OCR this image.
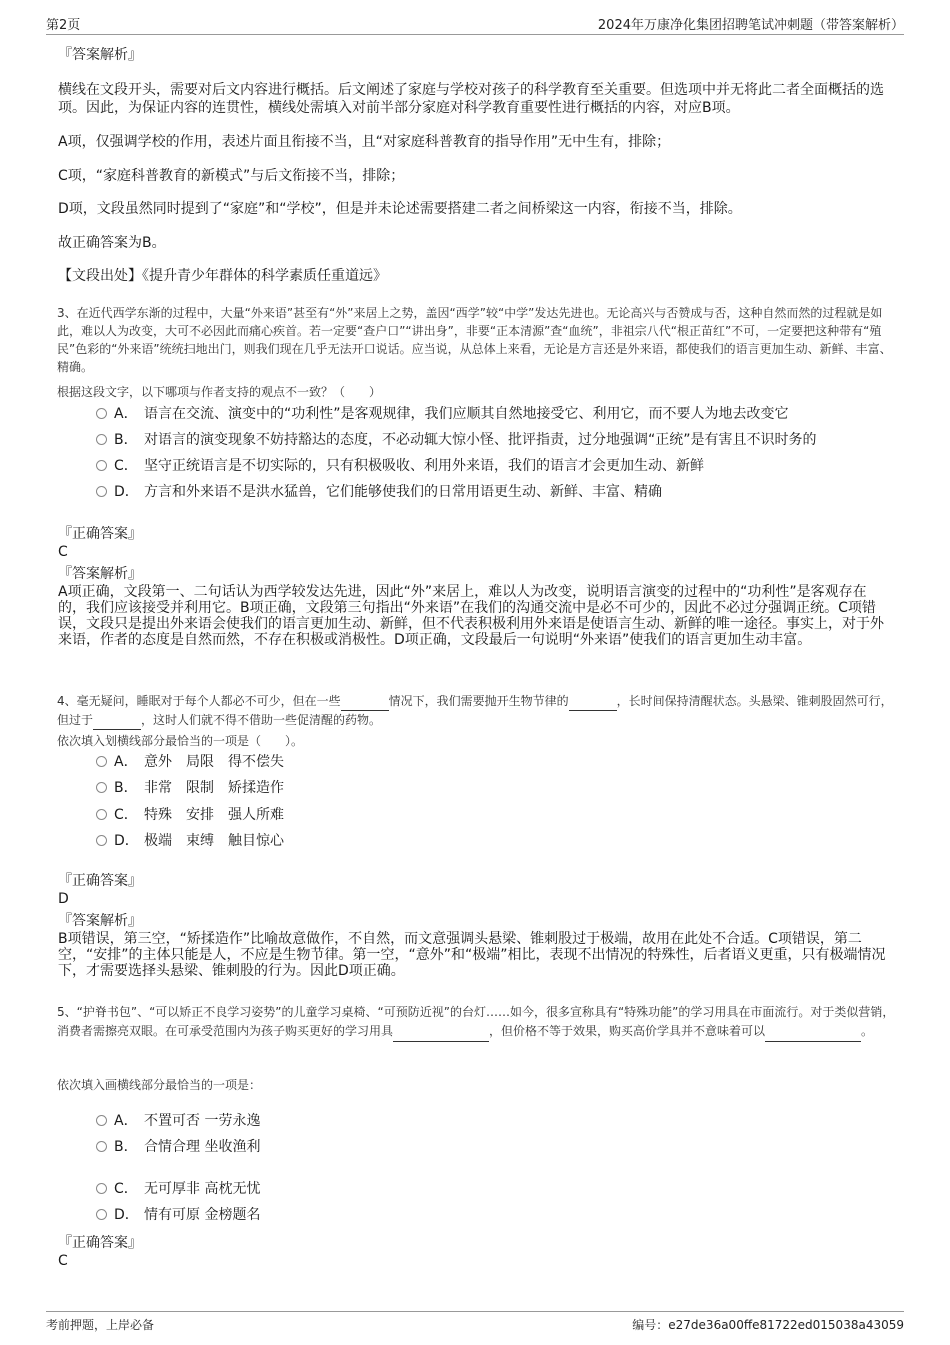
第2页	2024年万康净化集团招聘笔试冲刺题（带答案解析）
『答案解析』
横线在文段开头，需要对后文内容进行概括。后文阐述了家庭与学校对孩子的科学教育至关重要。但选项中并无将此二者全面概括的选项。因此，为保证内容的连贯性，横线处需填入对前半部分家庭对科学教育重要性进行概括的内容，对应B项。
A项，仅强调学校的作用，表述片面且衔接不当，且“对家庭科普教育的指导作用”无中生有，排除；
C项，“家庭科普教育的新模式”与后文衔接不当，排除；
D项，文段虽然同时提到了“家庭”和“学校”，但是并未论述需要搭建二者之间桥梁这一内容，衔接不当，排除。
故正确答案为B。
【文段出处】《提升青少年群体的科学素质任重道远》
3、在近代西学东渐的过程中，大量“外来语”甚至有“外”来居上之势，盖因“西学”较“中学”发达先进也。无论高兴与否赞成与否，这种自然而然的过程就是如此，难以人为改变，大可不必因此而痛心疾首。若一定要“查户口”“讲出身”，非要“正本清源”查“血统”，非祖宗八代“根正苗红”不可，一定要把这种带有“殖民”色彩的“外来语”统统扫地出门，则我们现在几乎无法开口说话。应当说，从总体上来看，无论是方言还是外来语，都使我们的语言更加生动、新鲜、丰富、精确。
根据这段文字，以下哪项与作者支持的观点不一致？（　　）
A． 语言在交流、演变中的“功利性”是客观规律，我们应顺其自然地接受它、利用它，而不要人为地去改变它
B． 对语言的演变现象不妨持豁达的态度，不必动辄大惊小怪、批评指责，过分地强调“正统”是有害且不识时务的
C． 坚守正统语言是不切实际的，只有积极吸收、利用外来语，我们的语言才会更加生动、新鲜
D． 方言和外来语不是洪水猛兽，它们能够使我们的日常用语更生动、新鲜、丰富、精确
『正确答案』
C
『答案解析』
A项正确，文段第一、二句话认为西学较发达先进，因此“外”来居上，难以人为改变，说明语言演变的过程中的“功利性”是客观存在的，我们应该接受并利用它。B项正确，文段第三句指出“外来语”在我们的沟通交流中是必不可少的，因此不必过分强调正统。C项错误，文段只是提出外来语会使我们的语言更加生动、新鲜，但不代表积极利用外来语是使语言生动、新鲜的唯一途径。事实上，对于外来语，作者的态度是自然而然，不存在积极或消极性。D项正确，文段最后一句说明“外来语”使我们的语言更加生动丰富。
4、毫无疑问，睡眠对于每个人都必不可少，但在一些	情况下，我们需要抛开生物节律的	，长时间保持清醒状态。头悬梁、锥刺股固然可行，但过于	，这时人们就不得不借助一些促清醒的药物。
依次填入划横线部分最恰当的一项是（　　）。
A． 意外 局限 得不偿失
B． 非常 限制 矫揉造作
C． 特殊 安排 强人所难
D． 极端 束缚 触目惊心
『正确答案』
D
『答案解析』
B项错误，第三空，“矫揉造作”比喻故意做作，不自然，而文意强调头悬梁、锥刺股过于极端，故用在此处不合适。C项错误，第二空，“安排”的主体只能是人，不应是生物节律。第一空，“意外”和“极端”相比，表现不出情况的特殊性，后者语义更重，只有极端情况下，才需要选择头悬梁、锥刺股的行为。因此D项正确。
5、“护脊书包”、“可以矫正不良学习姿势”的儿童学习桌椅、“可预防近视”的台灯……如今，很多宣称具有“特殊功能”的学习用具在市面流行。对于类似营销，消费者需擦亮双眼。在可承受范围内为孩子购买更好的学习用具	，但价格不等于效果，购买高价学具并不意味着可以	。
依次填入画横线部分最恰当的一项是：
A． 不置可否 一劳永逸
B． 合情合理 坐收渔利
C． 无可厚非 高枕无忧
D． 情有可原 金榜题名
『正确答案』
C
考前押题，上岸必备	编号：e27de36a00ffe81722ed015038a43059
